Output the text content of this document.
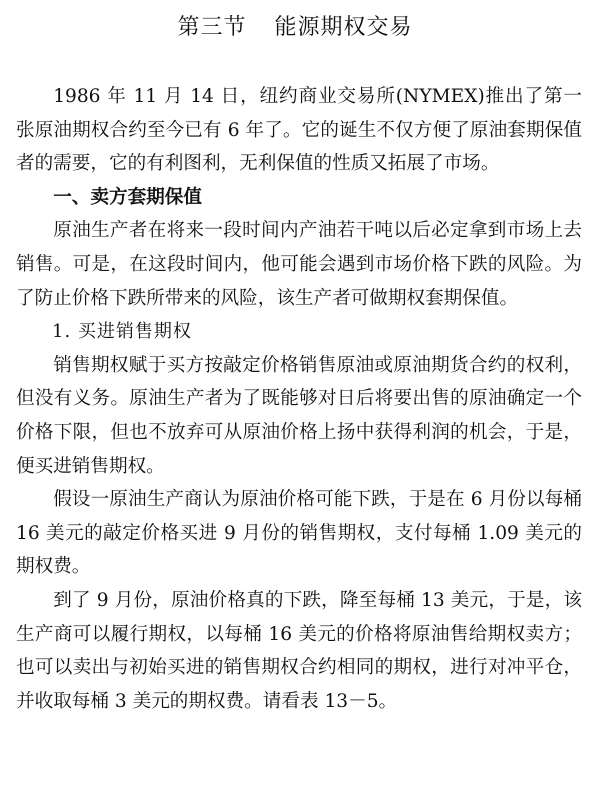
第三节 能源期权交易

1986 年 11 月 14 日，纽约商业交易所(NYMEX)推出了第一张原油期权合约至今已有 6 年了。它的诞生不仅方便了原油套期保值者的需要，它的有利图利，无利保值的性质又拓展了市场。

一、卖方套期保值

原油生产者在将来一段时间内产油若干吨以后必定拿到市场上去销售。可是，在这段时间内，他可能会遇到市场价格下跌的风险。为了防止价格下跌所带来的风险，该生产者可做期权套期保值。

1. 买进销售期权

销售期权赋于买方按敲定价格销售原油或原油期货合约的权利，但没有义务。原油生产者为了既能够对日后将要出售的原油确定一个价格下限，但也不放弃可从原油价格上扬中获得利润的机会，于是，便买进销售期权。

假设一原油生产商认为原油价格可能下跌，于是在 6 月份以每桶 16 美元的敲定价格买进 9 月份的销售期权，支付每桶 1.09 美元的期权费。

到了 9 月份，原油价格真的下跌，降至每桶 13 美元，于是，该生产商可以履行期权，以每桶 16 美元的价格将原油售给期权卖方；也可以卖出与初始买进的销售期权合约相同的期权，进行对冲平仓，并收取每桶 3 美元的期权费。请看表 13－5。
